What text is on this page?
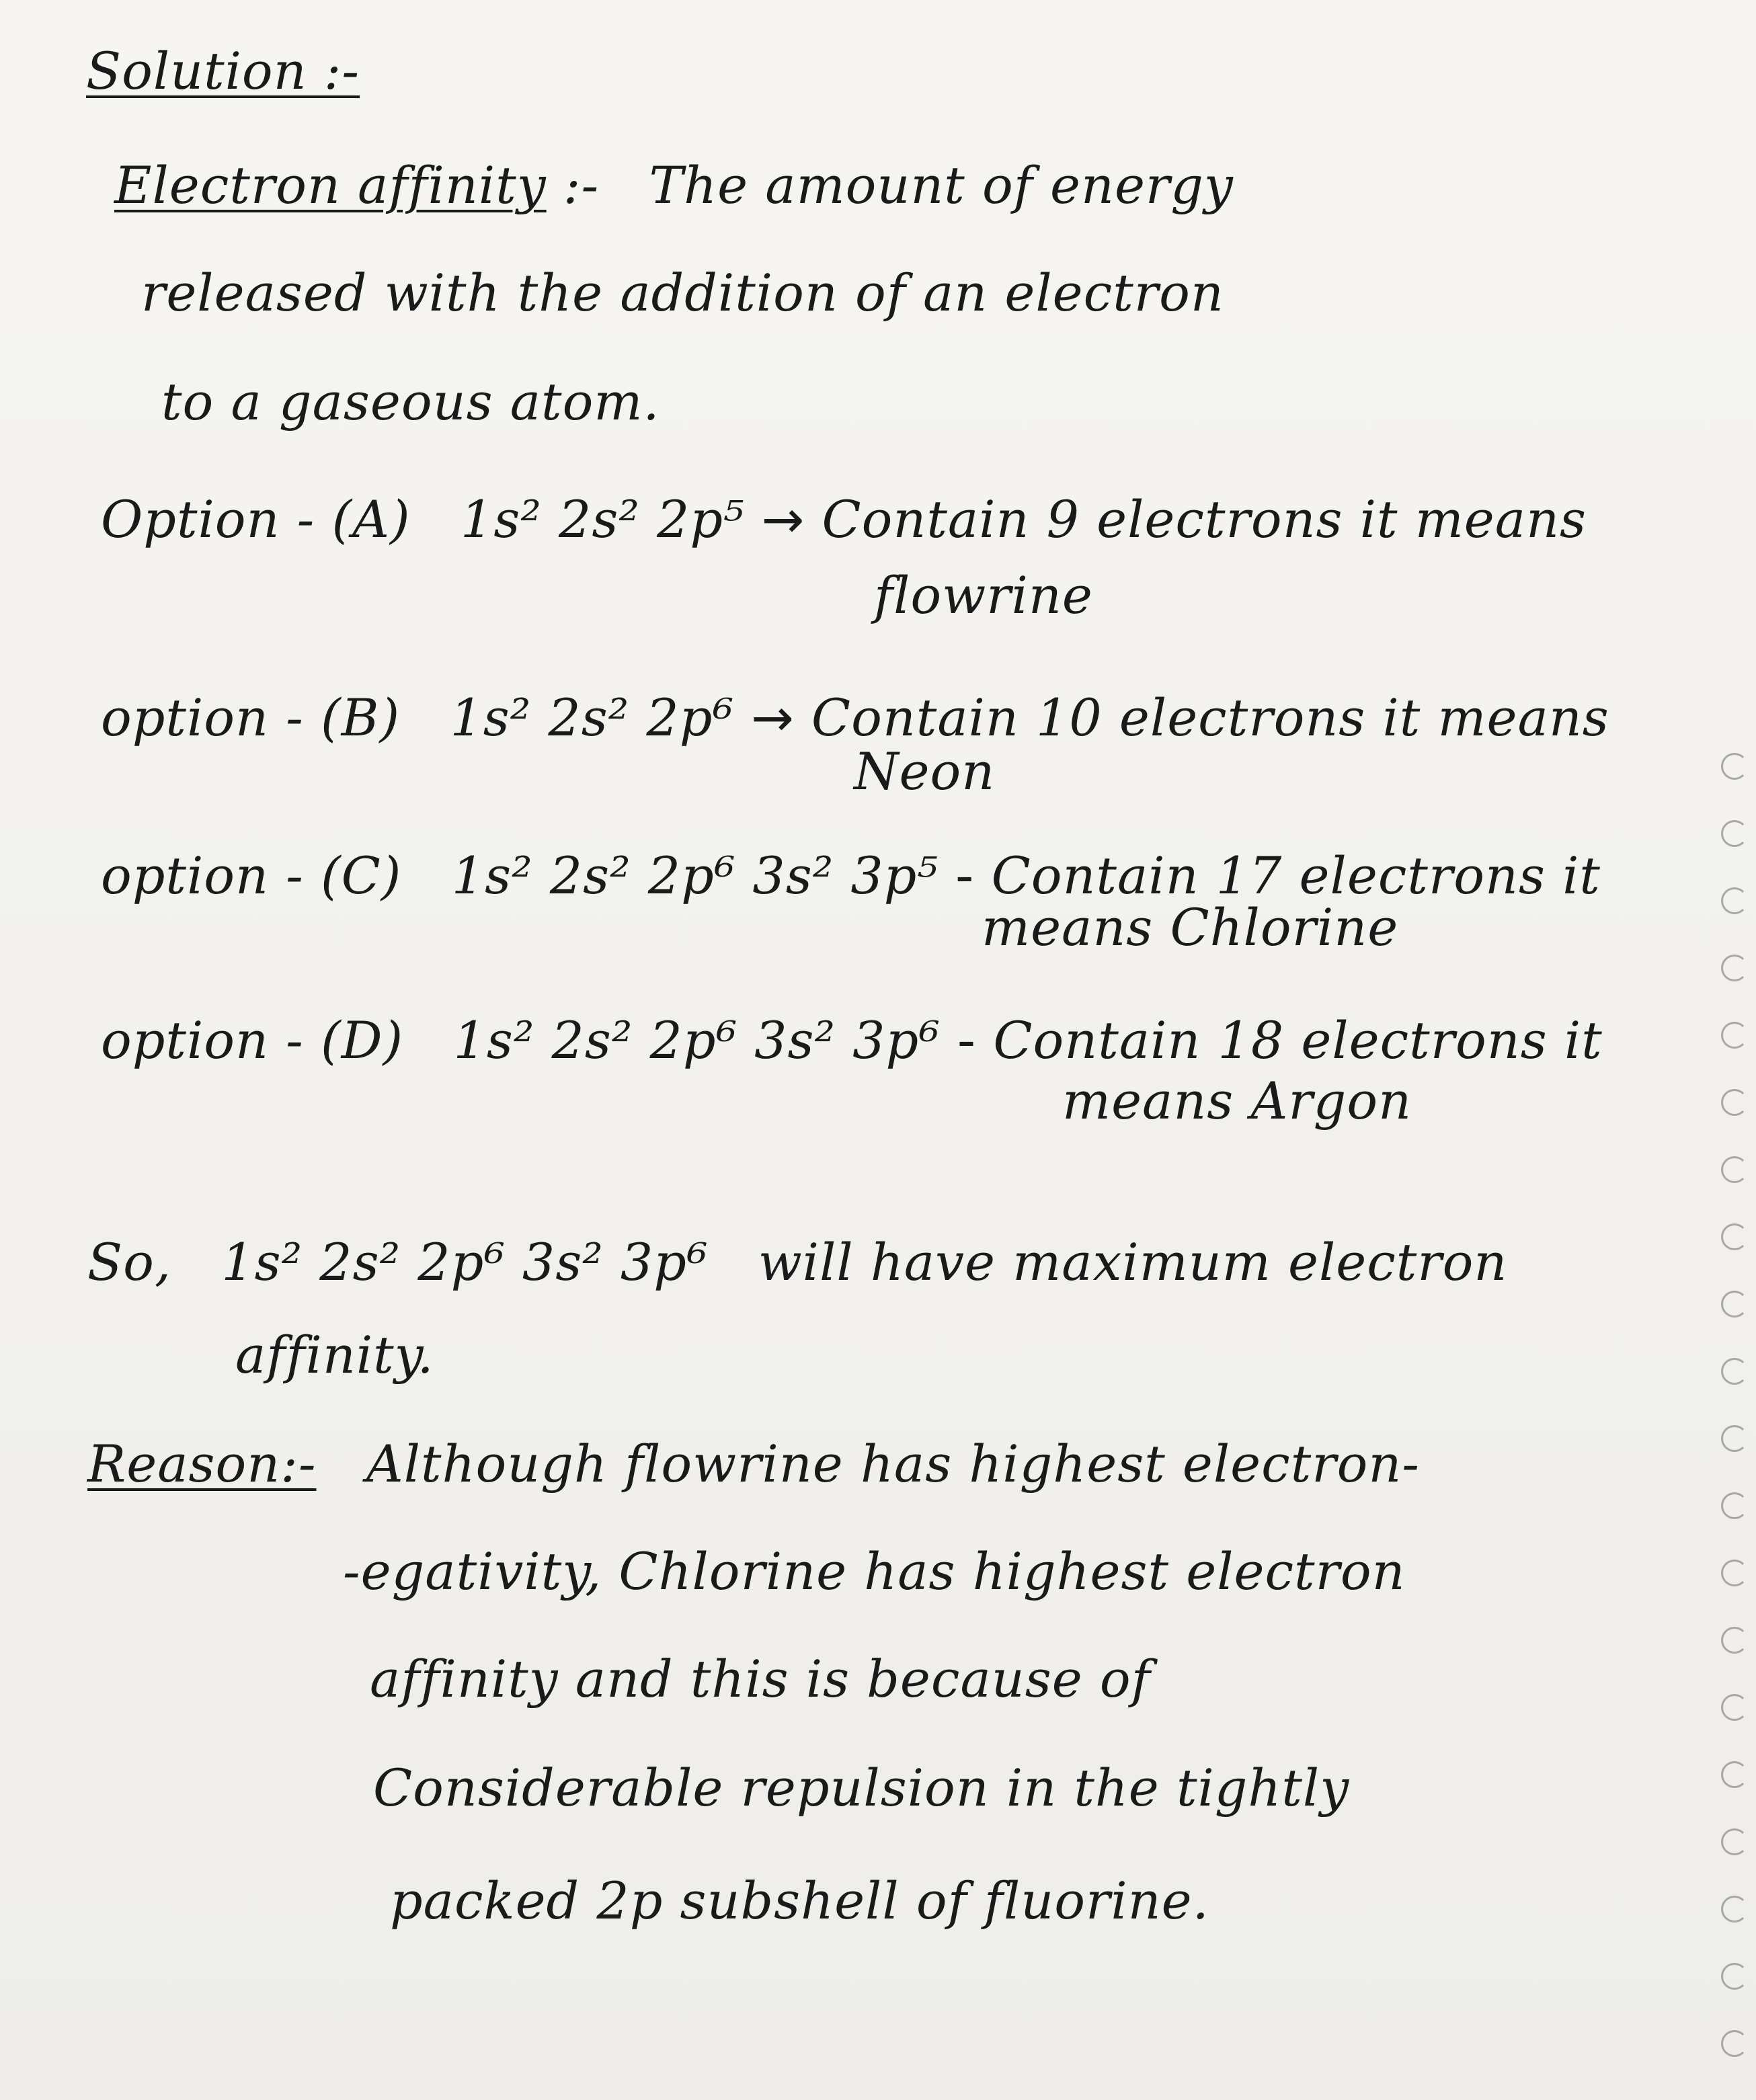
Solution :-
Electron affinity :- The amount of energy
released with the addition of an electron
to a gaseous atom.
Option - (A) 1s² 2s² 2p⁵ → Contain 9 electrons it means
flowrine
option - (B) 1s² 2s² 2p⁶ → Contain 10 electrons it means
Neon
option - (C) 1s² 2s² 2p⁶ 3s² 3p⁵ - Contain 17 electrons it
means Chlorine
option - (D) 1s² 2s² 2p⁶ 3s² 3p⁶ - Contain 18 electrons it
means Argon
So, 1s² 2s² 2p⁶ 3s² 3p⁶ will have maximum electron
affinity.
Reason:- Although flowrine has highest electron-
-egativity, Chlorine has highest electron
affinity and this is because of
Considerable repulsion in the tightly
packed 2p subshell of fluorine.
